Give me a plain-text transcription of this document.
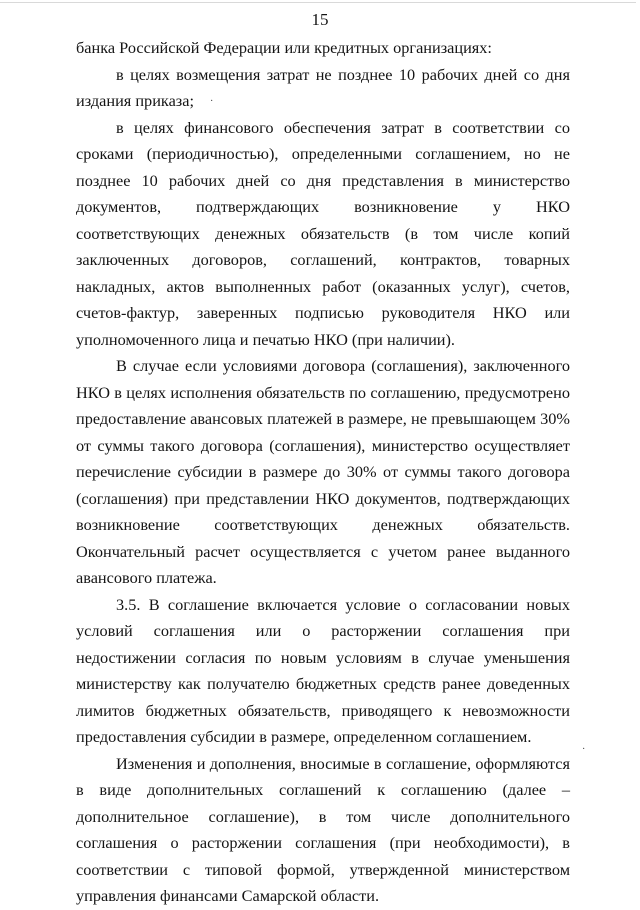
15

банка Российской Федерации или кредитных организациях:

в целях возмещения затрат не позднее 10 рабочих дней со дня издания приказа;

в целях финансового обеспечения затрат в соответствии со сроками (периодичностью), определенными соглашением, но не позднее 10 рабочих дней со дня представления в министерство документов, подтверждающих возникновение у НКО соответствующих денежных обязательств (в том числе копий заключенных договоров, соглашений, контрактов, товарных накладных, актов выполненных работ (оказанных услуг), счетов, счетов-фактур, заверенных подписью руководителя НКО или уполномоченного лица и печатью НКО (при наличии).

В случае если условиями договора (соглашения), заключенного НКО в целях исполнения обязательств по соглашению, предусмотрено предоставление авансовых платежей в размере, не превышающем 30% от суммы такого договора (соглашения), министерство осуществляет перечисление субсидии в размере до 30% от суммы такого договора (соглашения) при представлении НКО документов, подтверждающих возникновение соответствующих денежных обязательств. Окончательный расчет осуществляется с учетом ранее выданного авансового платежа.

3.5. В соглашение включается условие о согласовании новых условий соглашения или о расторжении соглашения при недостижении согласия по новым условиям в случае уменьшения министерству как получателю бюджетных средств ранее доведенных лимитов бюджетных обязательств, приводящего к невозможности предоставления субсидии в размере, определенном соглашением.

Изменения и дополнения, вносимые в соглашение, оформляются в виде дополнительных соглашений к соглашению (далее – дополнительное соглашение), в том числе дополнительного соглашения о расторжении соглашения (при необходимости), в соответствии с типовой формой, утвержденной министерством управления финансами Самарской области.

·
·
